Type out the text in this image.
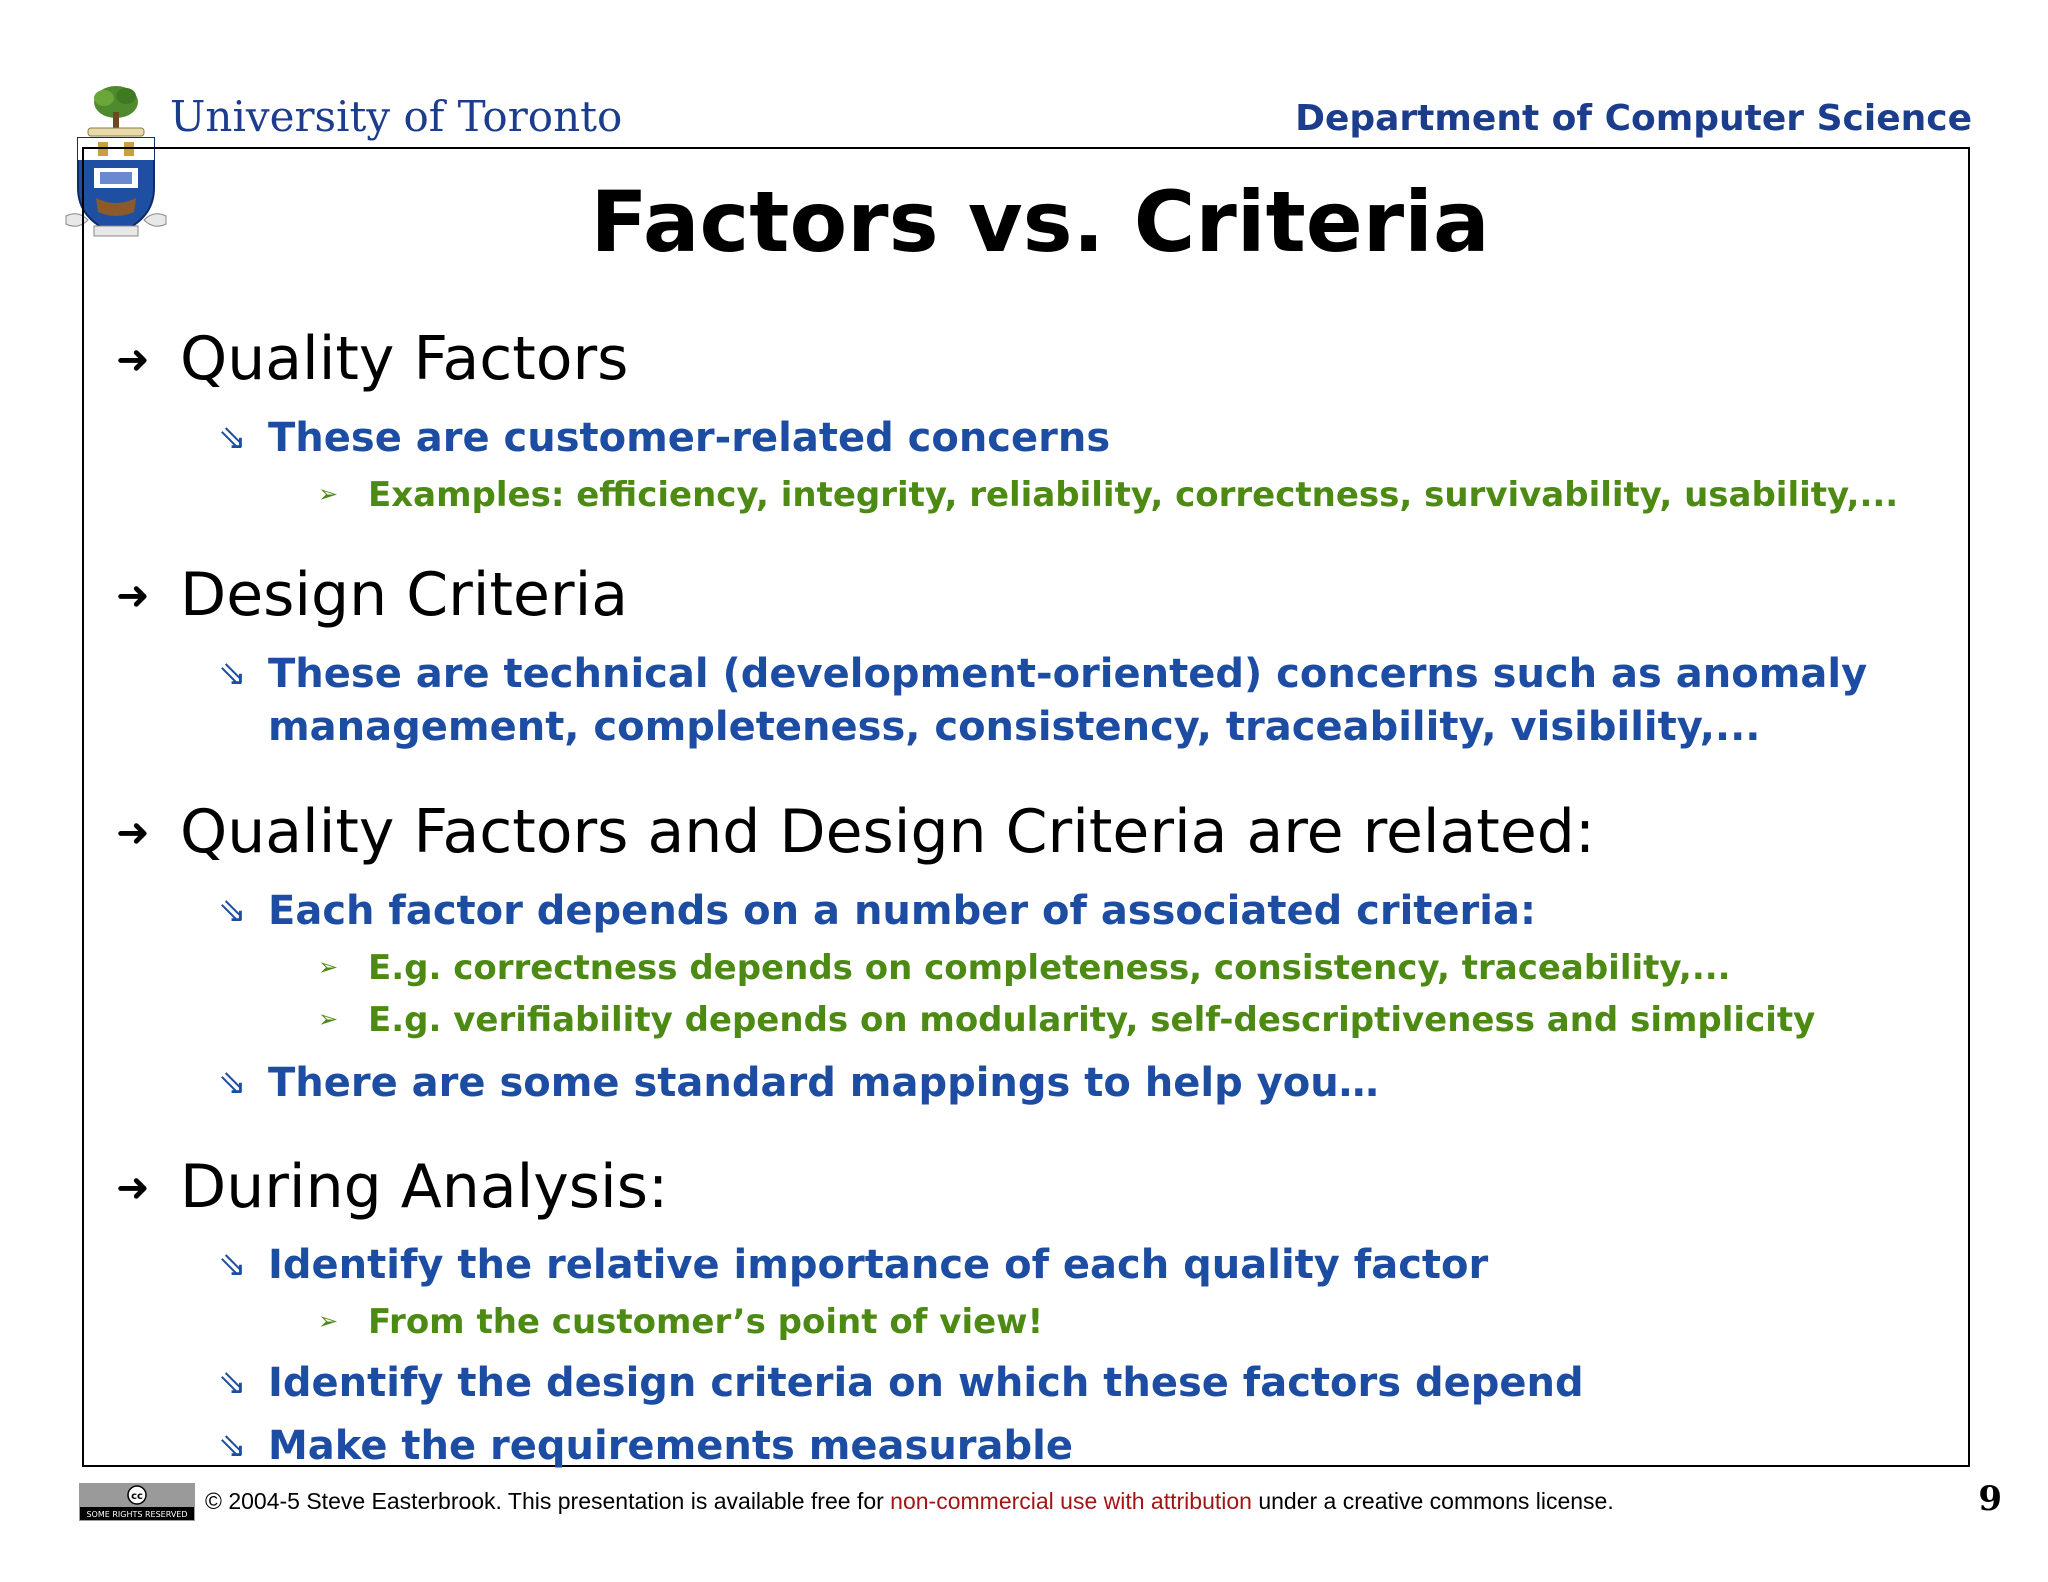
University of Toronto	Department of Computer Science
Factors vs. Criteria
➜ Quality Factors
⇘ These are customer-related concerns
➢ Examples: efficiency, integrity, reliability, correctness, survivability, usability,...
➜ Design Criteria
⇘ These are technical (development-oriented) concerns such as anomaly
management, completeness, consistency, traceability, visibility,...
➜ Quality Factors and Design Criteria are related:
⇘ Each factor depends on a number of associated criteria:
➢ E.g. correctness depends on completeness, consistency, traceability,...
➢ E.g. verifiability depends on modularity, self-descriptiveness and simplicity
⇘ There are some standard mappings to help you…
➜ During Analysis:
⇘ Identify the relative importance of each quality factor
➢ From the customer’s point of view!
⇘ Identify the design criteria on which these factors depend
⇘ Make the requirements measurable
cc
SOME RIGHTS RESERVED
© 2004-5 Steve Easterbrook. This presentation is available free for non-commercial use with attribution under a creative commons license.	9
